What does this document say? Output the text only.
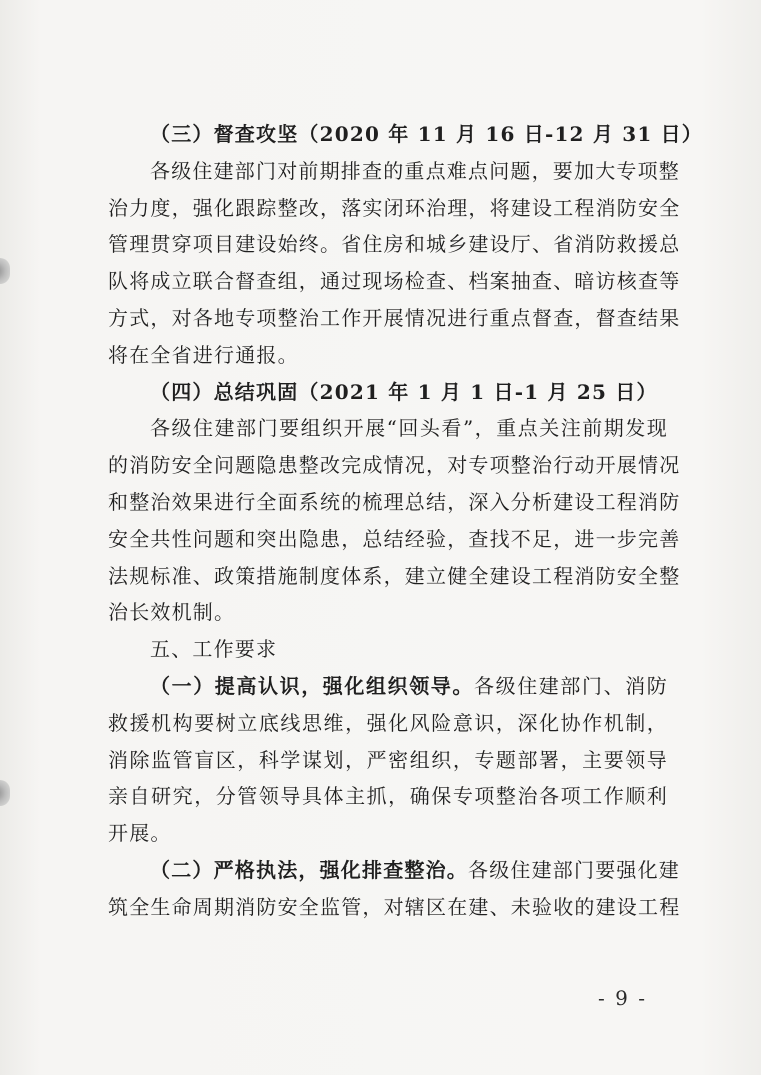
（三）督查攻坚（2020 年 11 月 16 日-12 月 31 日）
各级住建部门对前期排查的重点难点问题，要加大专项整
治力度，强化跟踪整改，落实闭环治理，将建设工程消防安全
管理贯穿项目建设始终。省住房和城乡建设厅、省消防救援总
队将成立联合督查组，通过现场检查、档案抽查、暗访核查等
方式，对各地专项整治工作开展情况进行重点督查，督查结果
将在全省进行通报。
（四）总结巩固（2021 年 1 月 1 日-1 月 25 日）
各级住建部门要组织开展“回头看”，重点关注前期发现
的消防安全问题隐患整改完成情况，对专项整治行动开展情况
和整治效果进行全面系统的梳理总结，深入分析建设工程消防
安全共性问题和突出隐患，总结经验，查找不足，进一步完善
法规标准、政策措施制度体系，建立健全建设工程消防安全整
治长效机制。
五、工作要求
（一）提高认识，强化组织领导。各级住建部门、消防
救援机构要树立底线思维，强化风险意识，深化协作机制，
消除监管盲区，科学谋划，严密组织，专题部署，主要领导
亲自研究，分管领导具体主抓，确保专项整治各项工作顺利
开展。
（二）严格执法，强化排查整治。各级住建部门要强化建
筑全生命周期消防安全监管，对辖区在建、未验收的建设工程
- 9 -
